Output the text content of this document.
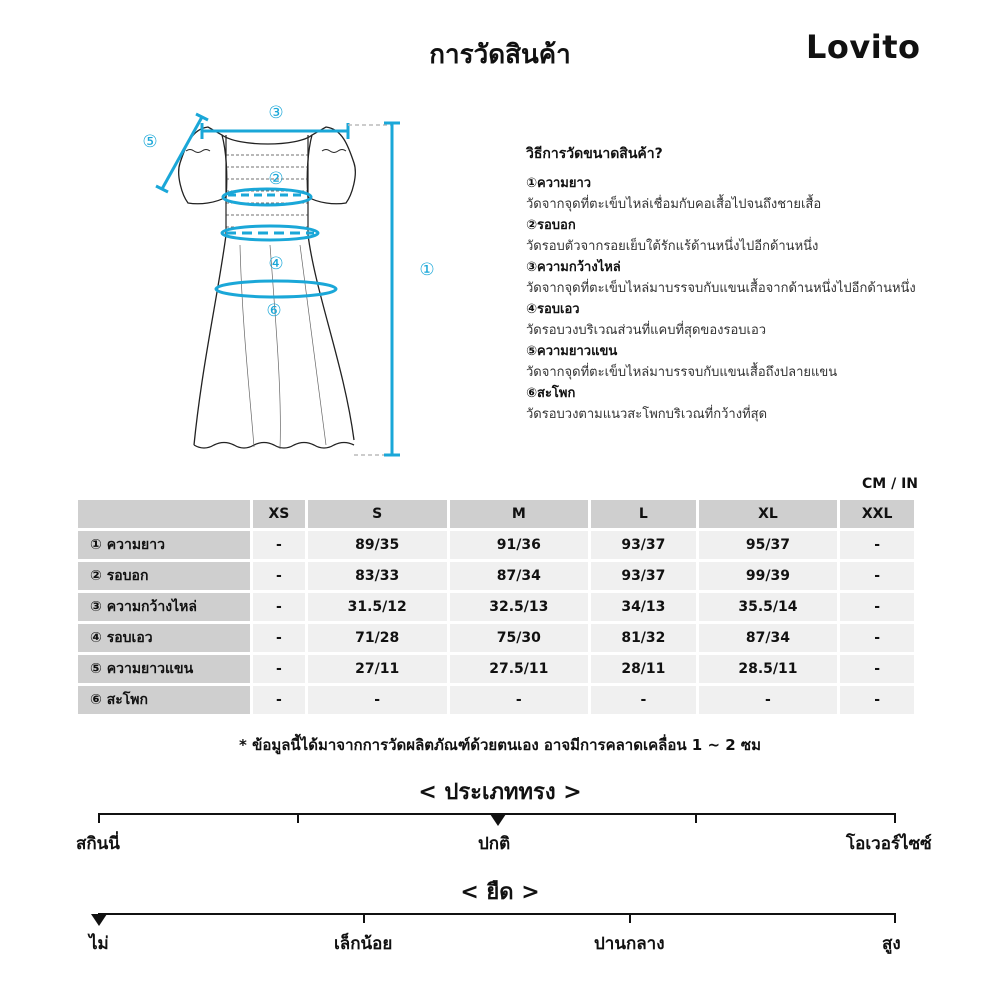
การวัดสินค้า	Lovito
①
②
③
④
⑤
⑥
วิธีการวัดขนาดสินค้า?
①ความยาว
วัดจากจุดที่ตะเข็บไหล่เชื่อมกับคอเสื้อไปจนถึงชายเสื้อ
②รอบอก
วัดรอบตัวจากรอยเย็บใต้รักแร้ด้านหนึ่งไปอีกด้านหนึ่ง
③ความกว้างไหล่
วัดจากจุดที่ตะเข็บไหล่มาบรรจบกับแขนเสื้อจากด้านหนึ่งไปอีกด้านหนึ่ง
④รอบเอว
วัดรอบวงบริเวณส่วนที่แคบที่สุดของรอบเอว
⑤ความยาวแขน
วัดจากจุดที่ตะเข็บไหล่มาบรรจบกับแขนเสื้อถึงปลายแขน
⑥สะโพก
วัดรอบวงตามแนวสะโพกบริเวณที่กว้างที่สุด
CM / IN
	XS	S	M	L	XL	XXL
① ความยาว	-	89/35	91/36	93/37	95/37	-
② รอบอก	-	83/33	87/34	93/37	99/39	-
③ ความกว้างไหล่	-	31.5/12	32.5/13	34/13	35.5/14	-
④ รอบเอว	-	71/28	75/30	81/32	87/34	-
⑤ ความยาวแขน	-	27/11	27.5/11	28/11	28.5/11	-
⑥ สะโพก	-	-	-	-	-	-
* ข้อมูลนี้ได้มาจากการวัดผลิตภัณฑ์ด้วยตนเอง อาจมีการคลาดเคลื่อน 1 ~ 2 ซม
< ประเภททรง >
สกินนี่	ปกติ	โอเวอร์ไซซ์
< ยืด >
ไม่	เล็กน้อย	ปานกลาง	สูง
